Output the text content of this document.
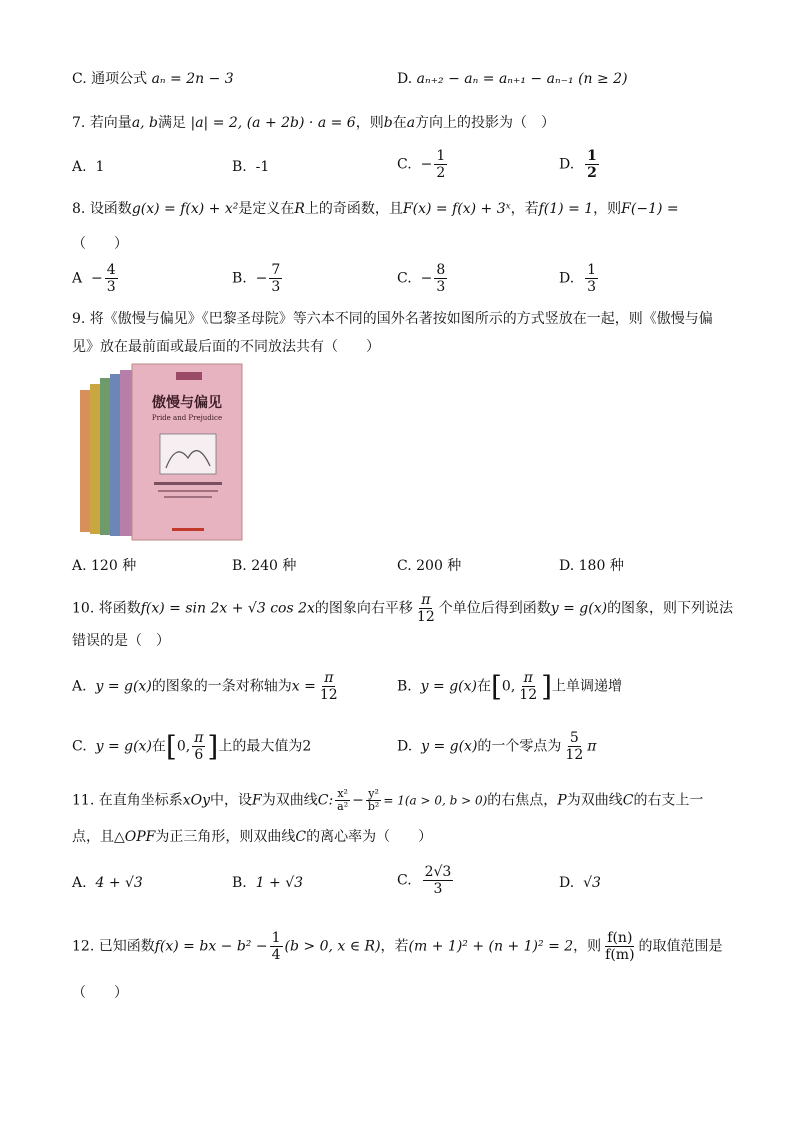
C. 通项公式 aₙ = 2n − 3	D. aₙ₊₂ − aₙ = aₙ₊₁ − aₙ₋₁ (n ≥ 2)
7. 若向量a, b满足 |a| = 2, (a + 2b) · a = 6，则b在a方向上的投影为（　）
A. 1	B. -1	C. − $\frac{1}{2}$	D. $\frac{1}{2}$
8. 设函数g(x) = f(x) + x²是定义在R上的奇函数，且F(x) = f(x) + 3ˣ，若f(1) = 1，则F(−1) =
（　　）
$A - \frac{4}{3}$	B. − $\frac{7}{3}$	C. − $\frac{8}{3}$	D. $\frac{1}{3}$
9. 将《傲慢与偏见》《巴黎圣母院》等六本不同的国外名著按如图所示的方式竖放在一起，则《傲慢与偏
见》放在最前面或最后面的不同放法共有（　　）
傲慢与偏见
Pride and Prejudice
A. 120 种	B. 240 种	C. 200 种	D. 180 种
10. 将函数f(x) = sin 2x + √3 cos 2x的图象向右平移 $\frac{\pi}{12}$ 个单位后得到函数y = g(x)的图象，则下列说法
错误的是（　）
A. y = g(x)的图象的一条对称轴为$x = \frac{\pi}{12}$	B. y = g(x)在[0, $\frac{\pi}{12}$ ]上单调递增
C. y = g(x)在[0, $\frac{\pi}{6}$ ]上的最大值为2	D. y = g(x)的一个零点为 $\frac{5}{12}$ π
11. 在直角坐标系xOy中，设F为双曲线C: $\frac{\text{x²}}{\text{a²}} - \frac{\text{y²}}{\text{b²}} = 1(a > 0$, b > 0)的右焦点，P为双曲线C的右支上一
点，且△OPF为正三角形，则双曲线C的离心率为（　　）
A. 4 + √3	B. 1 + √3	C. $\frac{2√3}{3}$	D. √3
12. 已知函数f(x) = bx − $b^2 - \frac{1}{4} (b > 0$, x ∈ R)，若(m + 1)² + (n + 1)² = 2，则 $\frac{f(n)}{f(m)}$ 的取值范围是
（　　）
